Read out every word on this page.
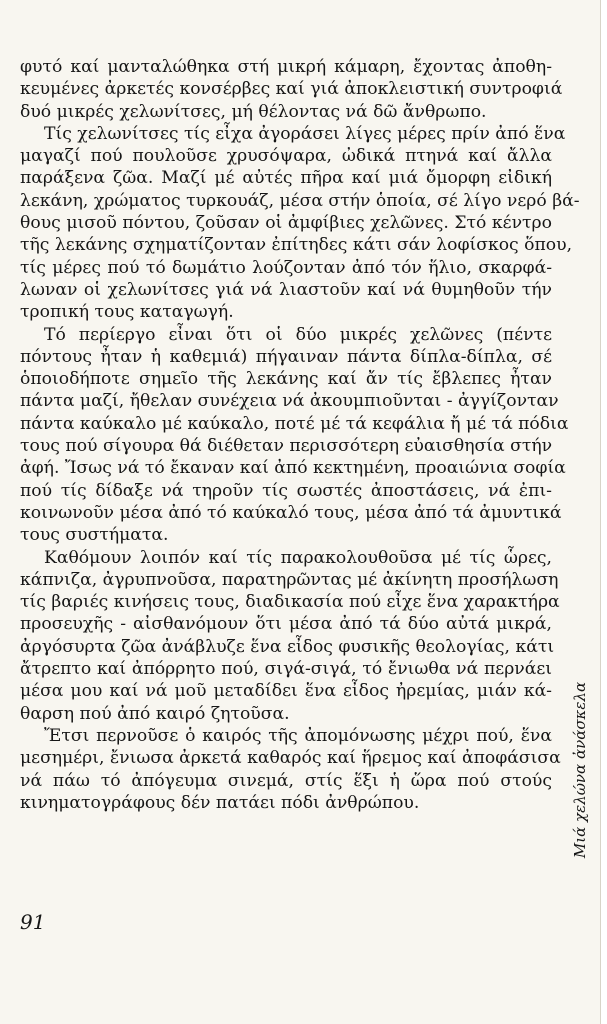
φυτό καί μανταλώθηκα στή μικρή κάμαρη, ἔχοντας ἀποθη-
κευμένες ἀρκετές κονσέρβες καί γιά ἀποκλειστική συντροφιά
δυό μικρές χελωνίτσες, μή θέλοντας νά δῶ ἄνθρωπο.
Τίς χελωνίτσες τίς εἶχα ἀγοράσει λίγες μέρες πρίν ἀπό ἕνα
μαγαζί πού πουλοῦσε χρυσόψαρα, ὠδικά πτηνά καί ἄλλα
παράξενα ζῶα. Μαζί μέ αὐτές πῆρα καί μιά ὄμορφη εἰδική
λεκάνη, χρώματος τυρκουάζ, μέσα στήν ὁποία, σέ λίγο νερό βά-
θους μισοῦ πόντου, ζοῦσαν οἱ ἀμφίβιες χελῶνες. Στό κέντρο
τῆς λεκάνης σχηματίζονταν ἐπίτηδες κάτι σάν λοφίσκος ὅπου,
τίς μέρες πού τό δωμάτιο λούζονταν ἀπό τόν ἥλιο, σκαρφά-
λωναν οἱ χελωνίτσες γιά νά λιαστοῦν καί νά θυμηθοῦν τήν
τροπική τους καταγωγή.
Τό περίεργο εἶναι ὅτι οἱ δύο μικρές χελῶνες (πέντε
πόντους ἦταν ἡ καθεμιά) πήγαιναν πάντα δίπλα-δίπλα, σέ
ὁποιοδήποτε σημεῖο τῆς λεκάνης καί ἄν τίς ἔβλεπες ἦταν
πάντα μαζί, ἤθελαν συνέχεια νά ἀκουμπιοῦνται - ἀγγίζονταν
πάντα καύκαλο μέ καύκαλο, ποτέ μέ τά κεφάλια ἤ μέ τά πόδια
τους πού σίγουρα θά διέθεταν περισσότερη εὐαισθησία στήν
ἀφή. Ἴσως νά τό ἔκαναν καί ἀπό κεκτημένη, προαιώνια σοφία
πού τίς δίδαξε νά τηροῦν τίς σωστές ἀποστάσεις, νά ἐπι-
κοινωνοῦν μέσα ἀπό τό καύκαλό τους, μέσα ἀπό τά ἀμυντικά
τους συστήματα.
Καθόμουν λοιπόν καί τίς παρακολουθοῦσα μέ τίς ὧρες,
κάπνιζα, ἀγρυπνοῦσα, παρατηρῶντας μέ ἀκίνητη προσήλωση
τίς βαριές κινήσεις τους, διαδικασία πού εἶχε ἕνα χαρακτήρα
προσευχῆς - αἰσθανόμουν ὅτι μέσα ἀπό τά δύο αὐτά μικρά,
ἀργόσυρτα ζῶα ἀνάβλυζε ἕνα εἶδος φυσικῆς θεολογίας, κάτι
ἄτρεπτο καί ἀπόρρητο πού, σιγά-σιγά, τό ἔνιωθα νά περνάει
μέσα μου καί νά μοῦ μεταδίδει ἕνα εἶδος ἠρεμίας, μιάν κά-
θαρση πού ἀπό καιρό ζητοῦσα.
Ἔτσι περνοῦσε ὁ καιρός τῆς ἀπομόνωσης μέχρι πού, ἕνα
μεσημέρι, ἔνιωσα ἀρκετά καθαρός καί ἥρεμος καί ἀποφάσισα
νά πάω τό ἀπόγευμα σινεμά, στίς ἕξι ἡ ὥρα πού στούς
κινηματογράφους δέν πατάει πόδι ἀνθρώπου.
91
Μιά χελώνα ἀνάσκελα
